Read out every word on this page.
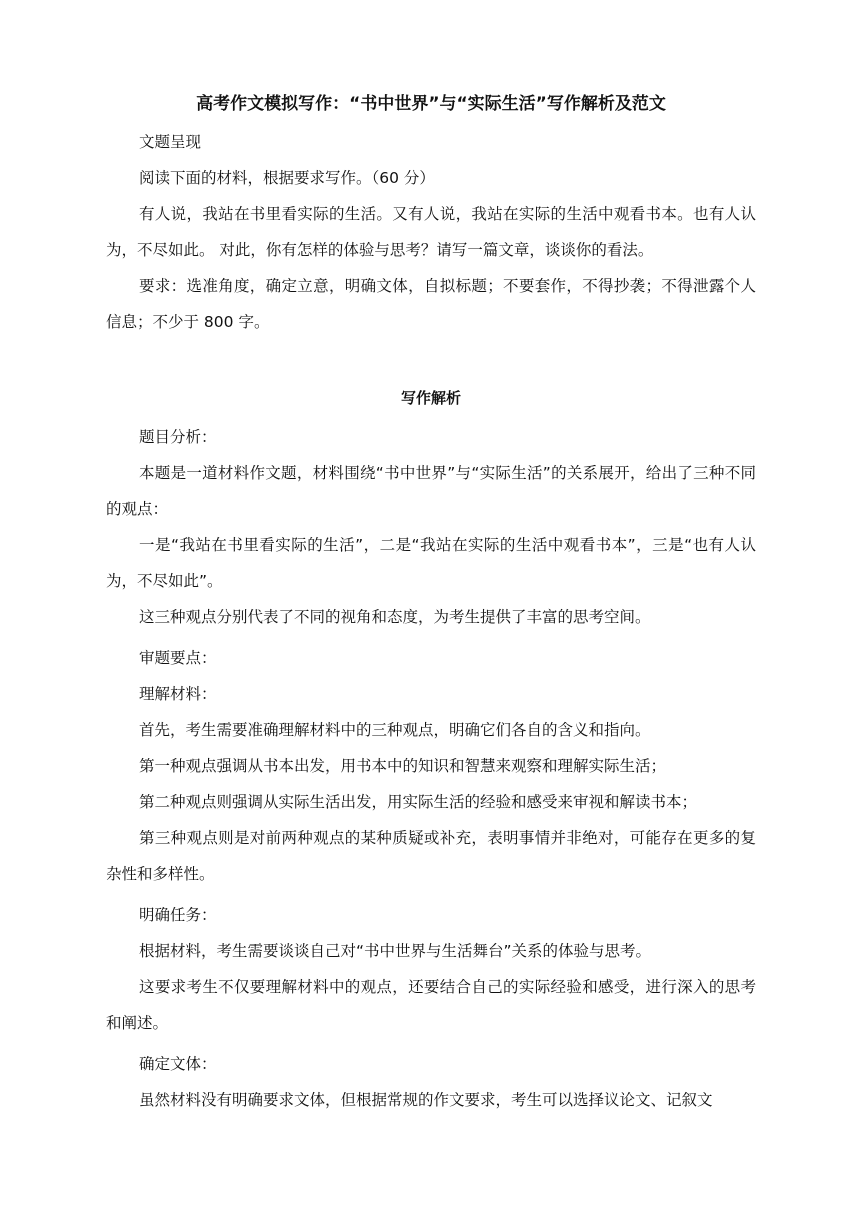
高考作文模拟写作：“书中世界”与“实际生活”写作解析及范文
文题呈现
阅读下面的材料，根据要求写作。（60 分）
有人说，我站在书里看实际的生活。又有人说，我站在实际的生活中观看书本。也有人认为，不尽如此。 对此，你有怎样的体验与思考？请写一篇文章，谈谈你的看法。
要求：选准角度，确定立意，明确文体，自拟标题；不要套作，不得抄袭；不得泄露个人信息；不少于 800 字。
写作解析
题目分析：
本题是一道材料作文题，材料围绕“书中世界”与“实际生活”的关系展开，给出了三种不同的观点：
一是“我站在书里看实际的生活”，二是“我站在实际的生活中观看书本”，三是“也有人认为，不尽如此”。
这三种观点分别代表了不同的视角和态度，为考生提供了丰富的思考空间。
审题要点：
理解材料：
首先，考生需要准确理解材料中的三种观点，明确它们各自的含义和指向。
第一种观点强调从书本出发，用书本中的知识和智慧来观察和理解实际生活；
第二种观点则强调从实际生活出发，用实际生活的经验和感受来审视和解读书本；
第三种观点则是对前两种观点的某种质疑或补充，表明事情并非绝对，可能存在更多的复杂性和多样性。
明确任务：
根据材料，考生需要谈谈自己对“书中世界与生活舞台”关系的体验与思考。
这要求考生不仅要理解材料中的观点，还要结合自己的实际经验和感受，进行深入的思考和阐述。
确定文体：
虽然材料没有明确要求文体，但根据常规的作文要求，考生可以选择议论文、记叙文
